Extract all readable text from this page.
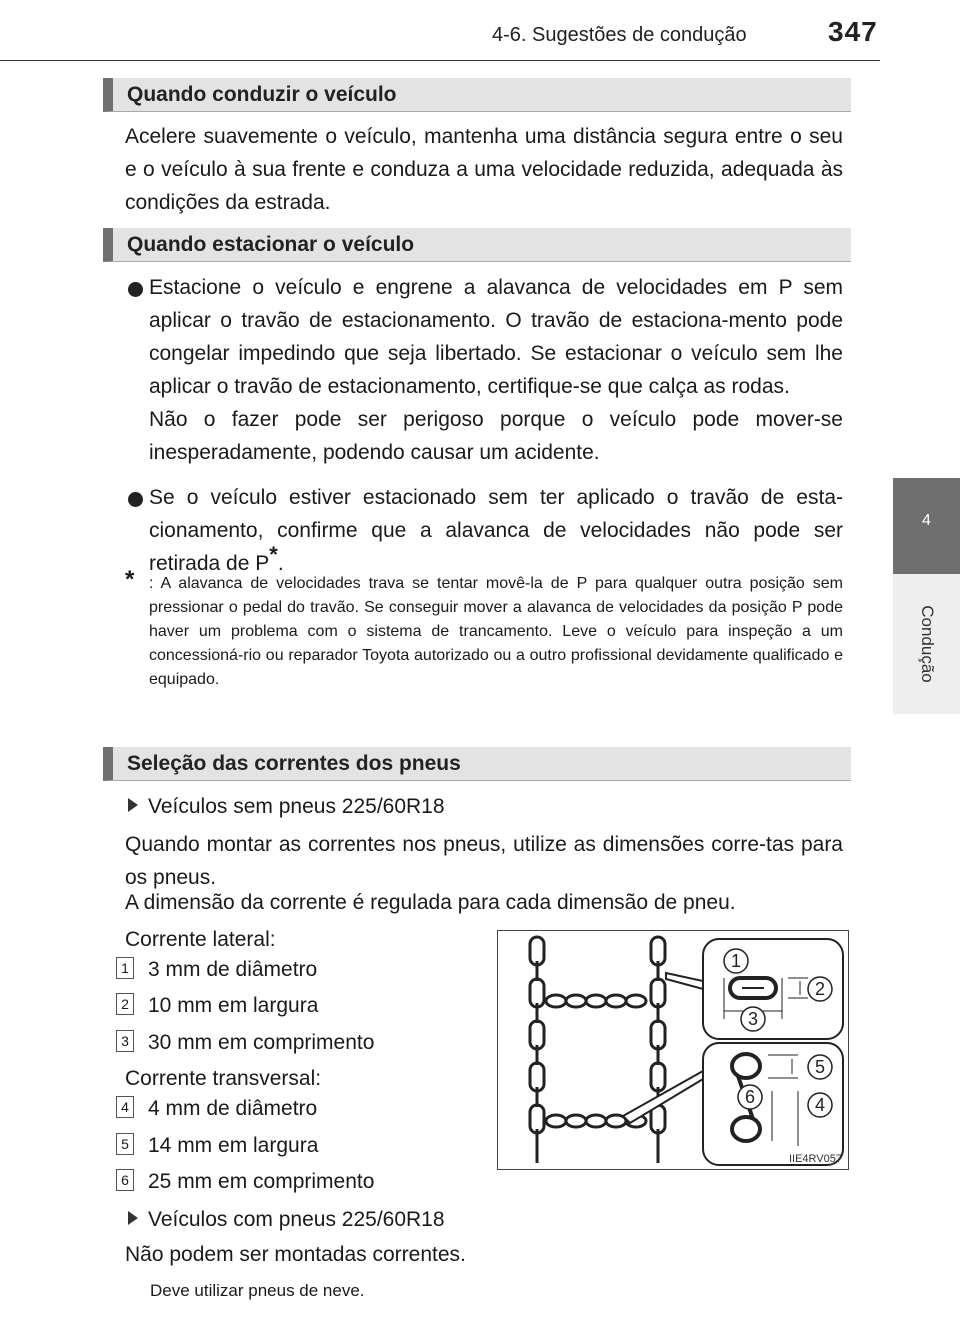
4-6. Sugestões de condução	347
4
Condução
Quando conduzir o veículo
Acelere suavemente o veículo, mantenha uma distância segura entre o seu e o veículo à sua frente e conduza a uma velocidade reduzida, adequada às condições da estrada.
Quando estacionar o veículo

Estacione o veículo e engrene a alavanca de velocidades em P sem aplicar o travão de estacionamento. O travão de estaciona-mento pode congelar impedindo que seja libertado. Se estacionar o veículo sem lhe aplicar o travão de estacionamento, certifique-se que calça as rodas.

Não o fazer pode ser perigoso porque o veículo pode mover-se inesperadamente, podendo causar um acidente.

Se o veículo estiver estacionado sem ter aplicado o travão de esta-cionamento, confirme que a alavanca de velocidades não pode ser retirada de P*.
* : A alavanca de velocidades trava se tentar movê-la de P para qualquer outra posição sem pressionar o pedal do travão. Se conseguir mover a alavanca de velocidades da posição P pode haver um problema com o sistema de trancamento. Leve o veículo para inspeção a um concessioná-rio ou reparador Toyota autorizado ou a outro profissional devidamente qualificado e equipado.
Seleção das correntes dos pneus
Veículos sem pneus 225/60R18
Quando montar as correntes nos pneus, utilize as dimensões corre-tas para os pneus.
A dimensão da corrente é regulada para cada dimensão de pneu.
Corrente lateral:
1 3 mm de diâmetro
2 10 mm em largura
3 30 mm em comprimento
Corrente transversal:
4 4 mm de diâmetro
5 14 mm em largura
6 25 mm em comprimento
Veículos com pneus 225/60R18
Não podem ser montadas correntes.
Deve utilizar pneus de neve.
1
2
3
4
5
6
IIE4RV057
